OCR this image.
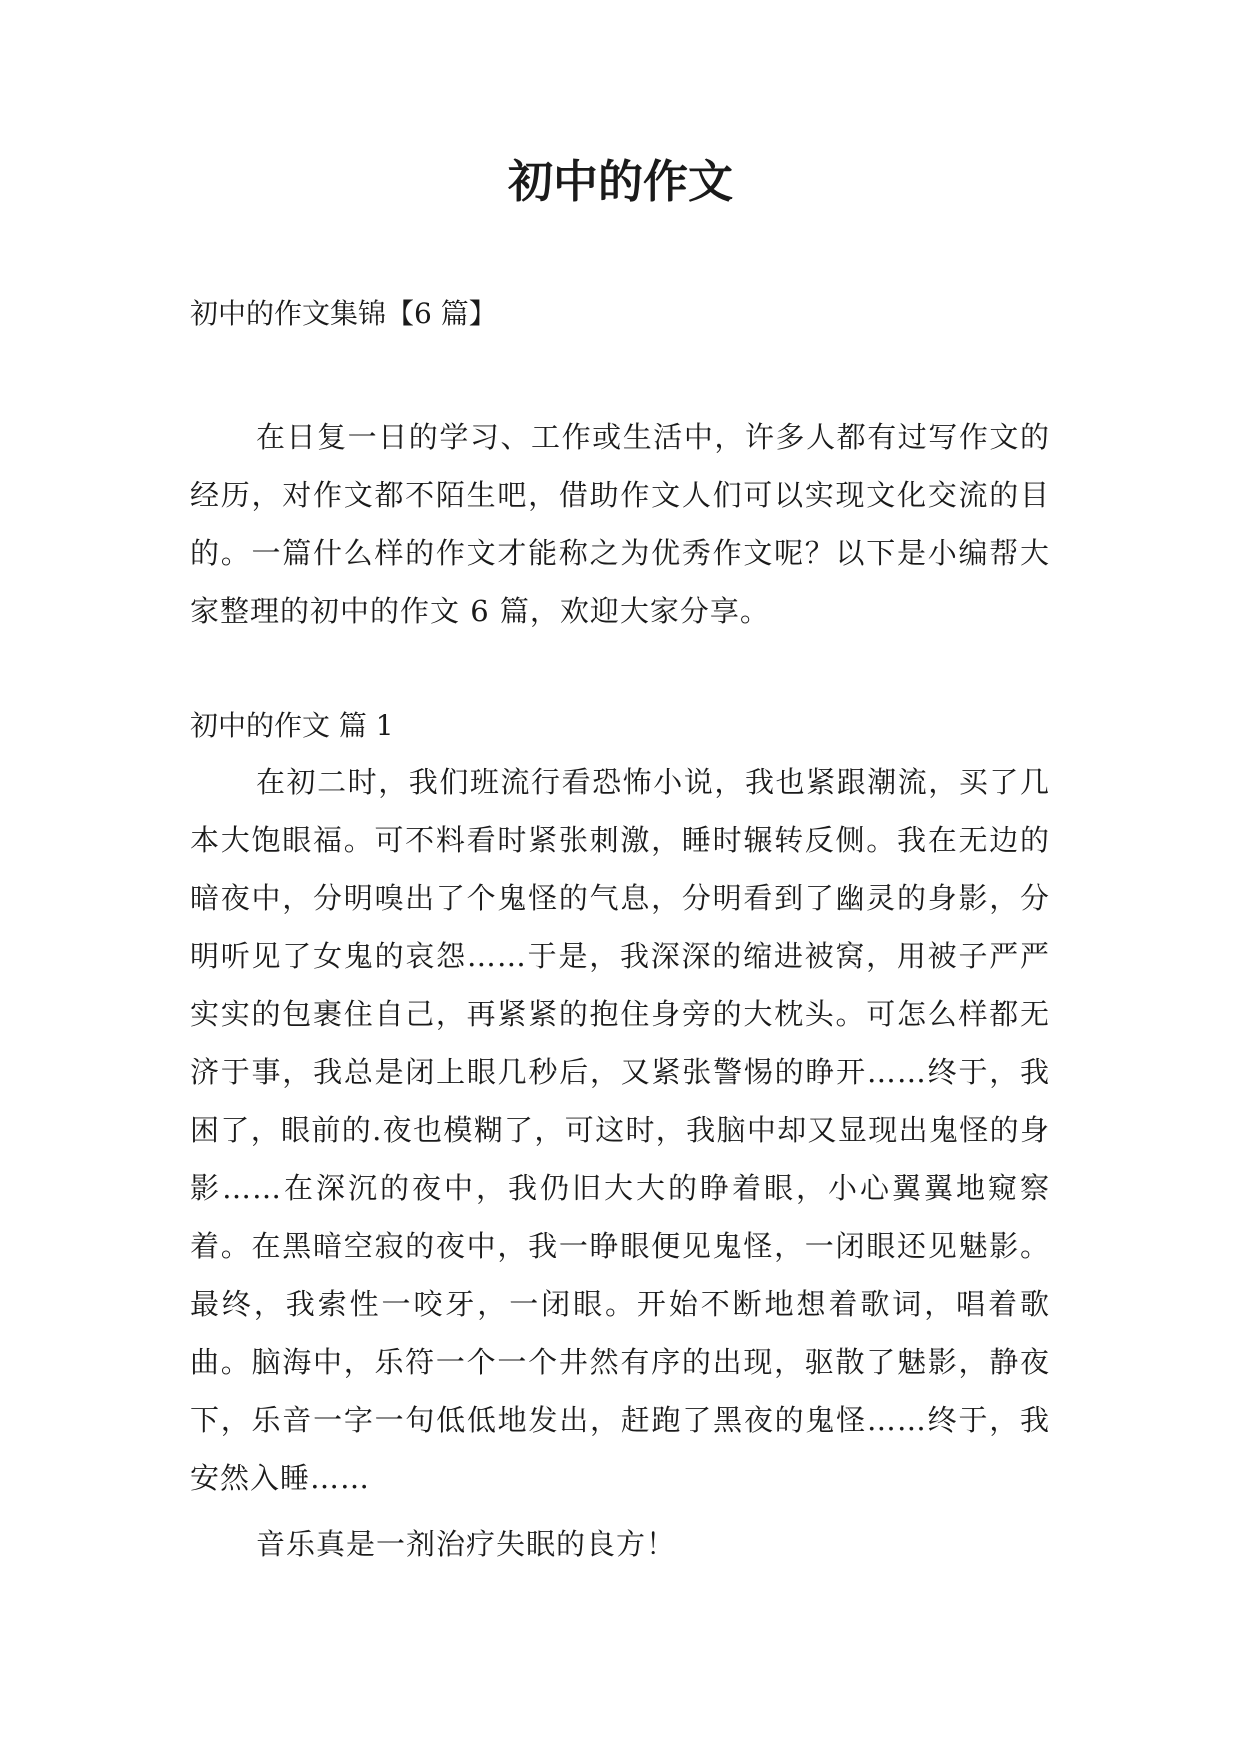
初中的作文

初中的作文集锦【6 篇】

在日复一日的学习、工作或生活中，许多人都有过写作文的经历，对作文都不陌生吧，借助作文人们可以实现文化交流的目的。一篇什么样的作文才能称之为优秀作文呢？以下是小编帮大家整理的初中的作文 6 篇，欢迎大家分享。

初中的作文 篇 1

在初二时，我们班流行看恐怖小说，我也紧跟潮流，买了几本大饱眼福。可不料看时紧张刺激，睡时辗转反侧。我在无边的暗夜中，分明嗅出了个鬼怪的气息，分明看到了幽灵的身影，分明听见了女鬼的哀怨……于是，我深深的缩进被窝，用被子严严实实的包裹住自己，再紧紧的抱住身旁的大枕头。可怎么样都无济于事，我总是闭上眼几秒后，又紧张警惕的睁开……终于，我困了，眼前的.夜也模糊了，可这时，我脑中却又显现出鬼怪的身影……在深沉的夜中，我仍旧大大的睁着眼，小心翼翼地窥察着。在黑暗空寂的夜中，我一睁眼便见鬼怪，一闭眼还见魅影。最终，我索性一咬牙，一闭眼。开始不断地想着歌词，唱着歌曲。脑海中，乐符一个一个井然有序的出现，驱散了魅影，静夜下，乐音一字一句低低地发出，赶跑了黑夜的鬼怪……终于，我安然入睡……

音乐真是一剂治疗失眠的良方！
